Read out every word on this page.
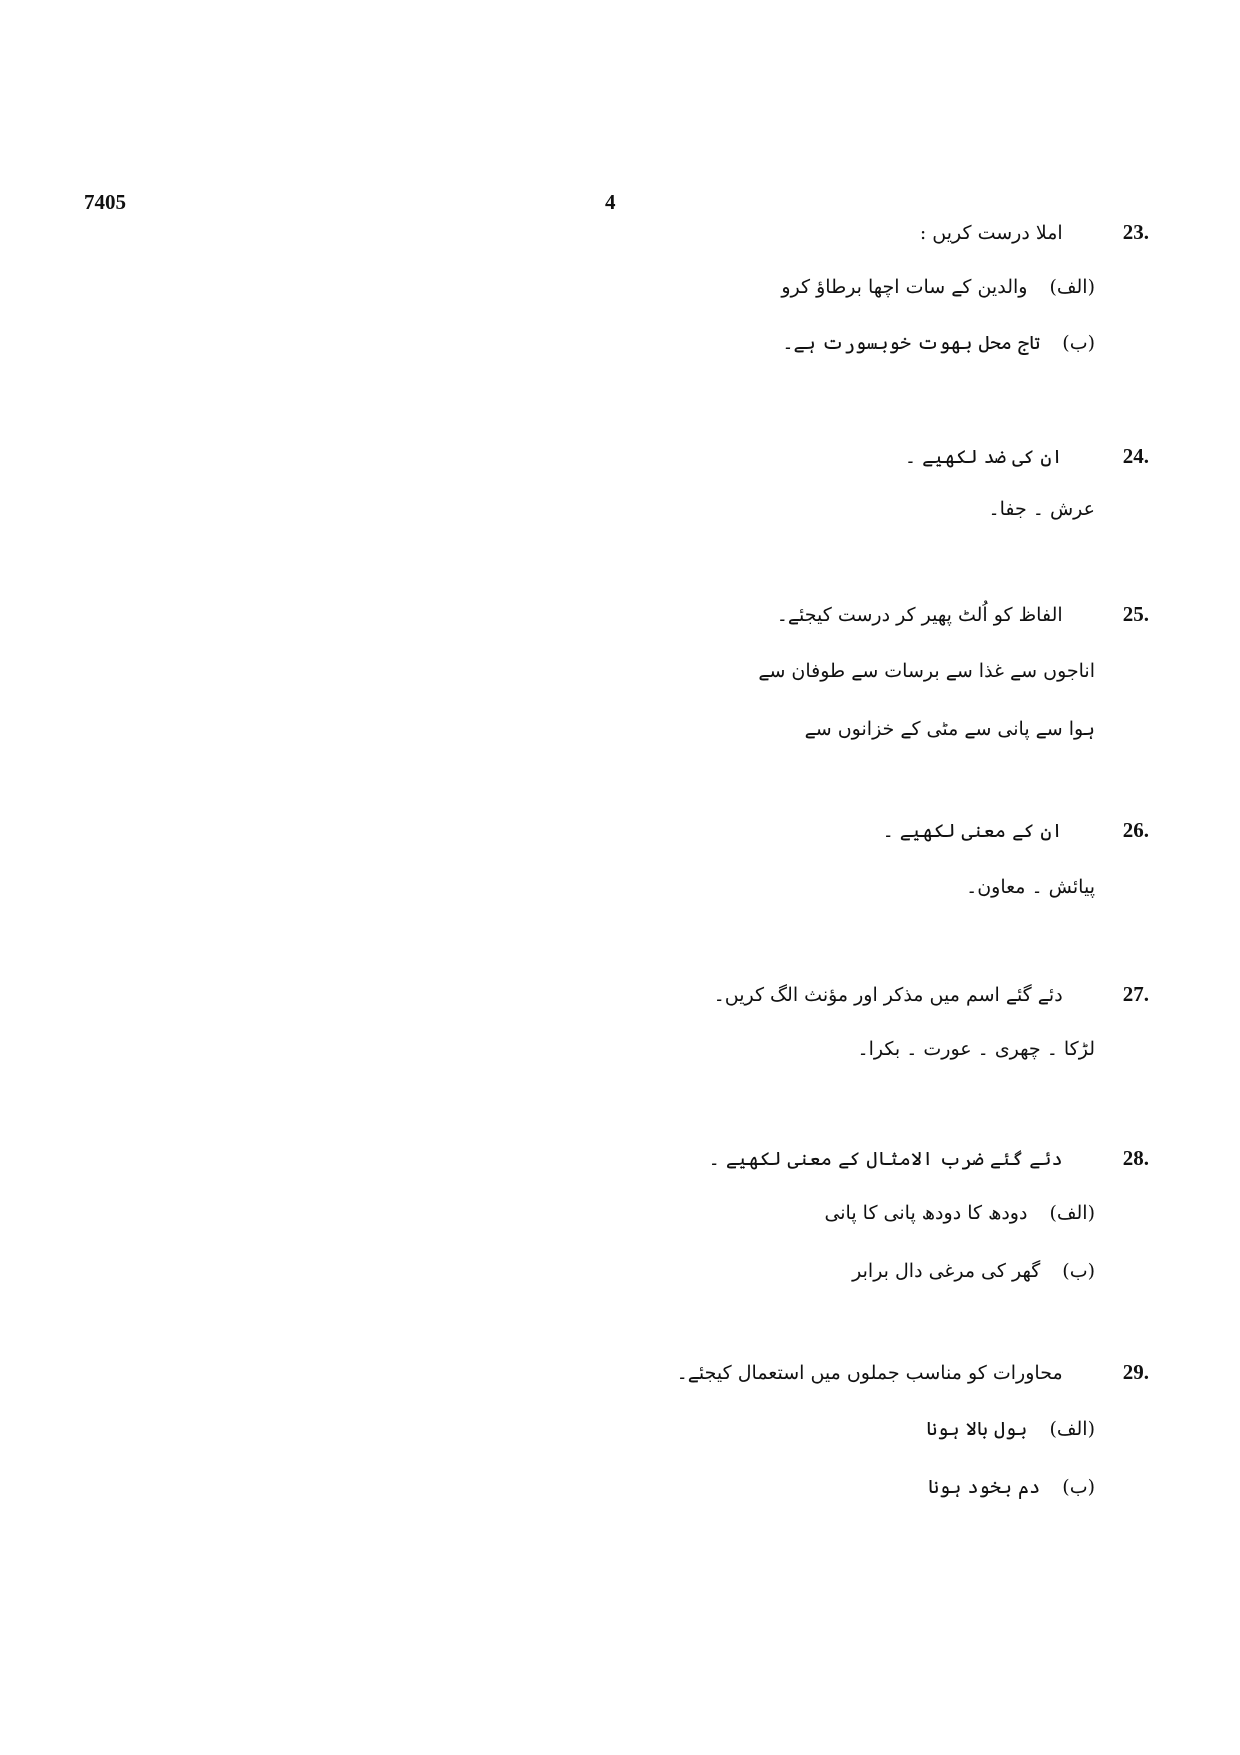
7405	4
23.  املا درست کریں :
(الف)والدین کے سات اچھا برطاؤ کرو
(ب)تاج محل بھوت خوبسورت ہے۔
24.  ان کی ضد لکھیے ۔
عرش ۔ جفا۔
25.  الفاظ کو اُلٹ پھیر کر درست کیجئے۔
اناجوں سے غذا سے برسات سے طوفان سے
ہوا سے پانی سے مٹی کے خزانوں سے
26.  ان کے معنی لکھیے ۔
پیائش ۔ معاون۔
27.  دئے گئے اسم میں مذکر اور مؤنث الگ کریں۔
لڑکا ۔ چھری ۔ عورت ۔ بکرا۔
28.  دئے گئے ضرب الامثال کے معنی لکھیے ۔
(الف)دودھ کا دودھ پانی کا پانی
(ب)گھر کی مرغی دال برابر
29.  محاورات کو مناسب جملوں میں استعمال کیجئے۔
(الف)بول بالا ہونا
(ب)دم بخود ہونا
